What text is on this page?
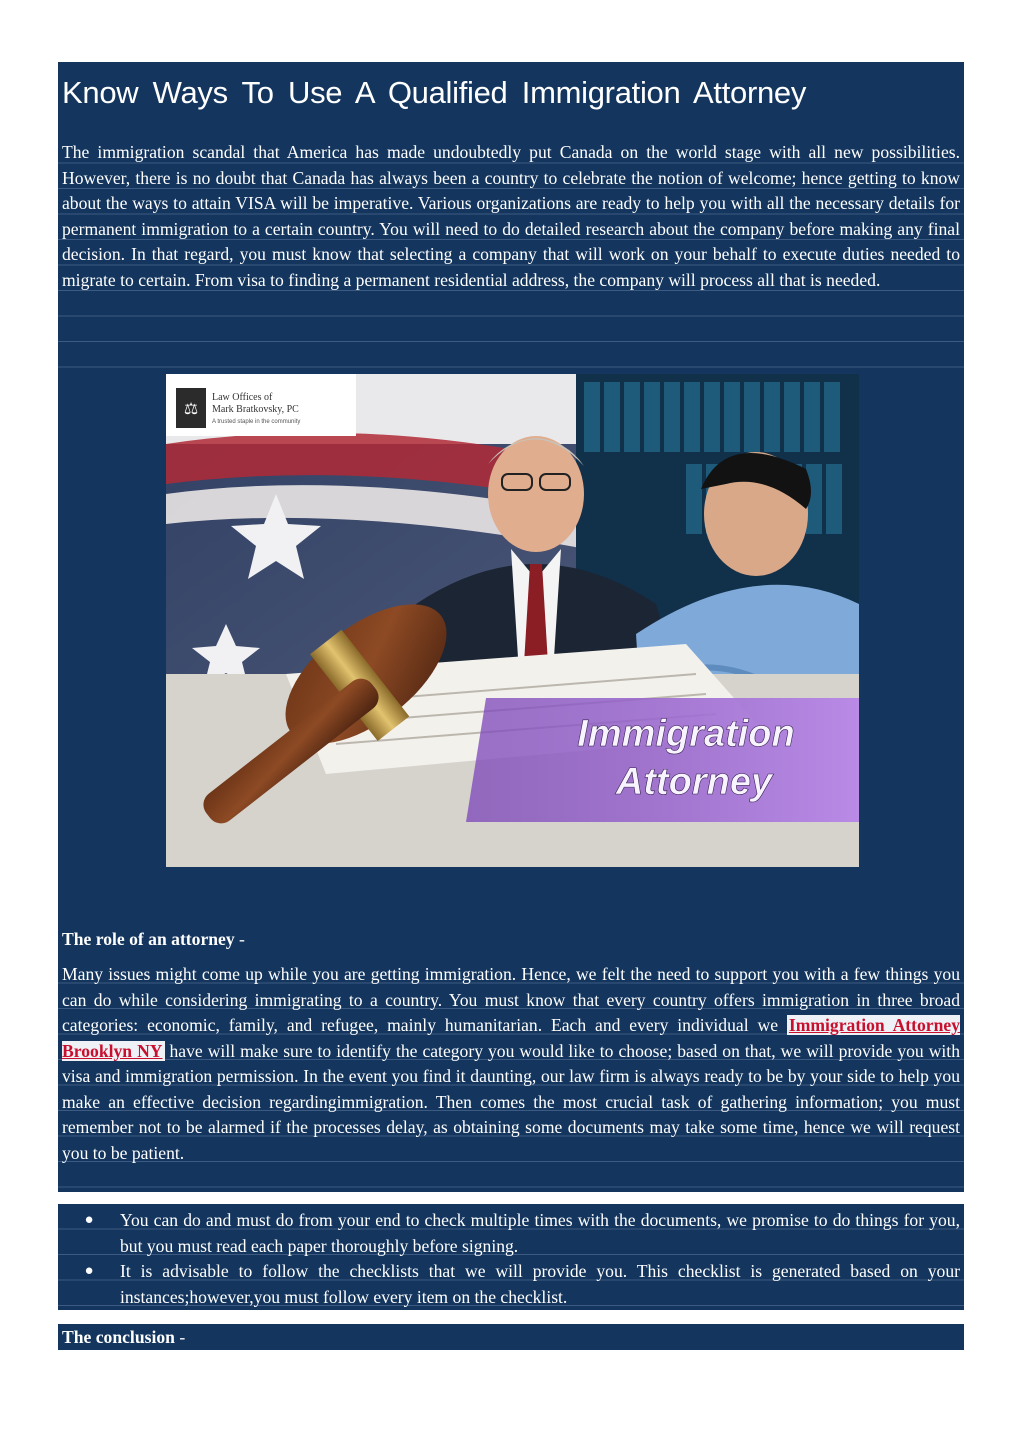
Know Ways To Use A Qualified Immigration Attorney
The immigration scandal that America has made undoubtedly put Canada on the world stage with all new possibilities. However, there is no doubt that Canada has always been a country to celebrate the notion of welcome; hence getting to know about the ways to attain VISA will be imperative. Various organizations are ready to help you with all the necessary details for permanent immigration to a certain country. You will need to do detailed research about the company before making any final decision. In that regard, you must know that selecting a company that will work on your behalf to execute duties needed to migrate to certain. From visa to finding a permanent residential address, the company will process all that is needed.
⚖
Law Offices of
Mark Bratkovsky, PC
A trusted staple in the community
Immigration
Attorney
The role of an attorney -
Many issues might come up while you are getting immigration. Hence, we felt the need to support you with a few things you can do while considering immigrating to a country. You must know that every country offers immigration in three broad categories: economic, family, and refugee, mainly humanitarian. Each and every individual we Immigration Attorney Brooklyn NY have will make sure to identify the category you would like to choose; based on that, we will provide you with visa and immigration permission. In the event you find it daunting, our law firm is always ready to be by your side to help you make an effective decision regardingimmigration. Then comes the most crucial task of gathering information; you must remember not to be alarmed if the processes delay, as obtaining some documents may take some time, hence we will request you to be patient.
●	You can do and must do from your end to check multiple times with the documents, we promise to do things for you, but you must read each paper thoroughly before signing.
●	It is advisable to follow the checklists that we will provide you. This checklist is generated based on your instances;however,you must follow every item on the checklist.
The conclusion -
